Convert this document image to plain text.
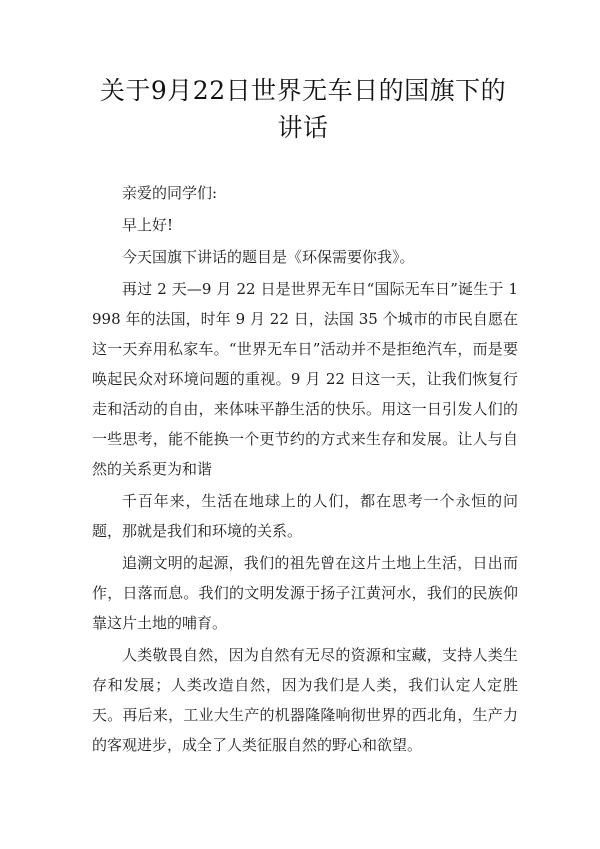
关于9月22日世界无车日的国旗下的讲话

亲爱的同学们:

早上好!

今天国旗下讲话的题目是《环保需要你我》。

再过 2 天—9 月 22 日是世界无车日“国际无车日”诞生于 1998 年的法国，时年 9 月 22 日，法国 35 个城市的市民自愿在这一天弃用私家车。“世界无车日”活动并不是拒绝汽车，而是要唤起民众对环境问题的重视。9 月 22 日这一天，让我们恢复行走和活动的自由，来体味平静生活的快乐。用这一日引发人们的一些思考，能不能换一个更节约的方式来生存和发展。让人与自然的关系更为和谐

千百年来，生活在地球上的人们，都在思考一个永恒的问题，那就是我们和环境的关系。

追溯文明的起源，我们的祖先曾在这片土地上生活，日出而作，日落而息。我们的文明发源于扬子江黄河水，我们的民族仰靠这片土地的哺育。

人类敬畏自然，因为自然有无尽的资源和宝藏，支持人类生存和发展；人类改造自然，因为我们是人类，我们认定人定胜天。再后来，工业大生产的机器隆隆响彻世界的西北角，生产力的客观进步，成全了人类征服自然的野心和欲望。
